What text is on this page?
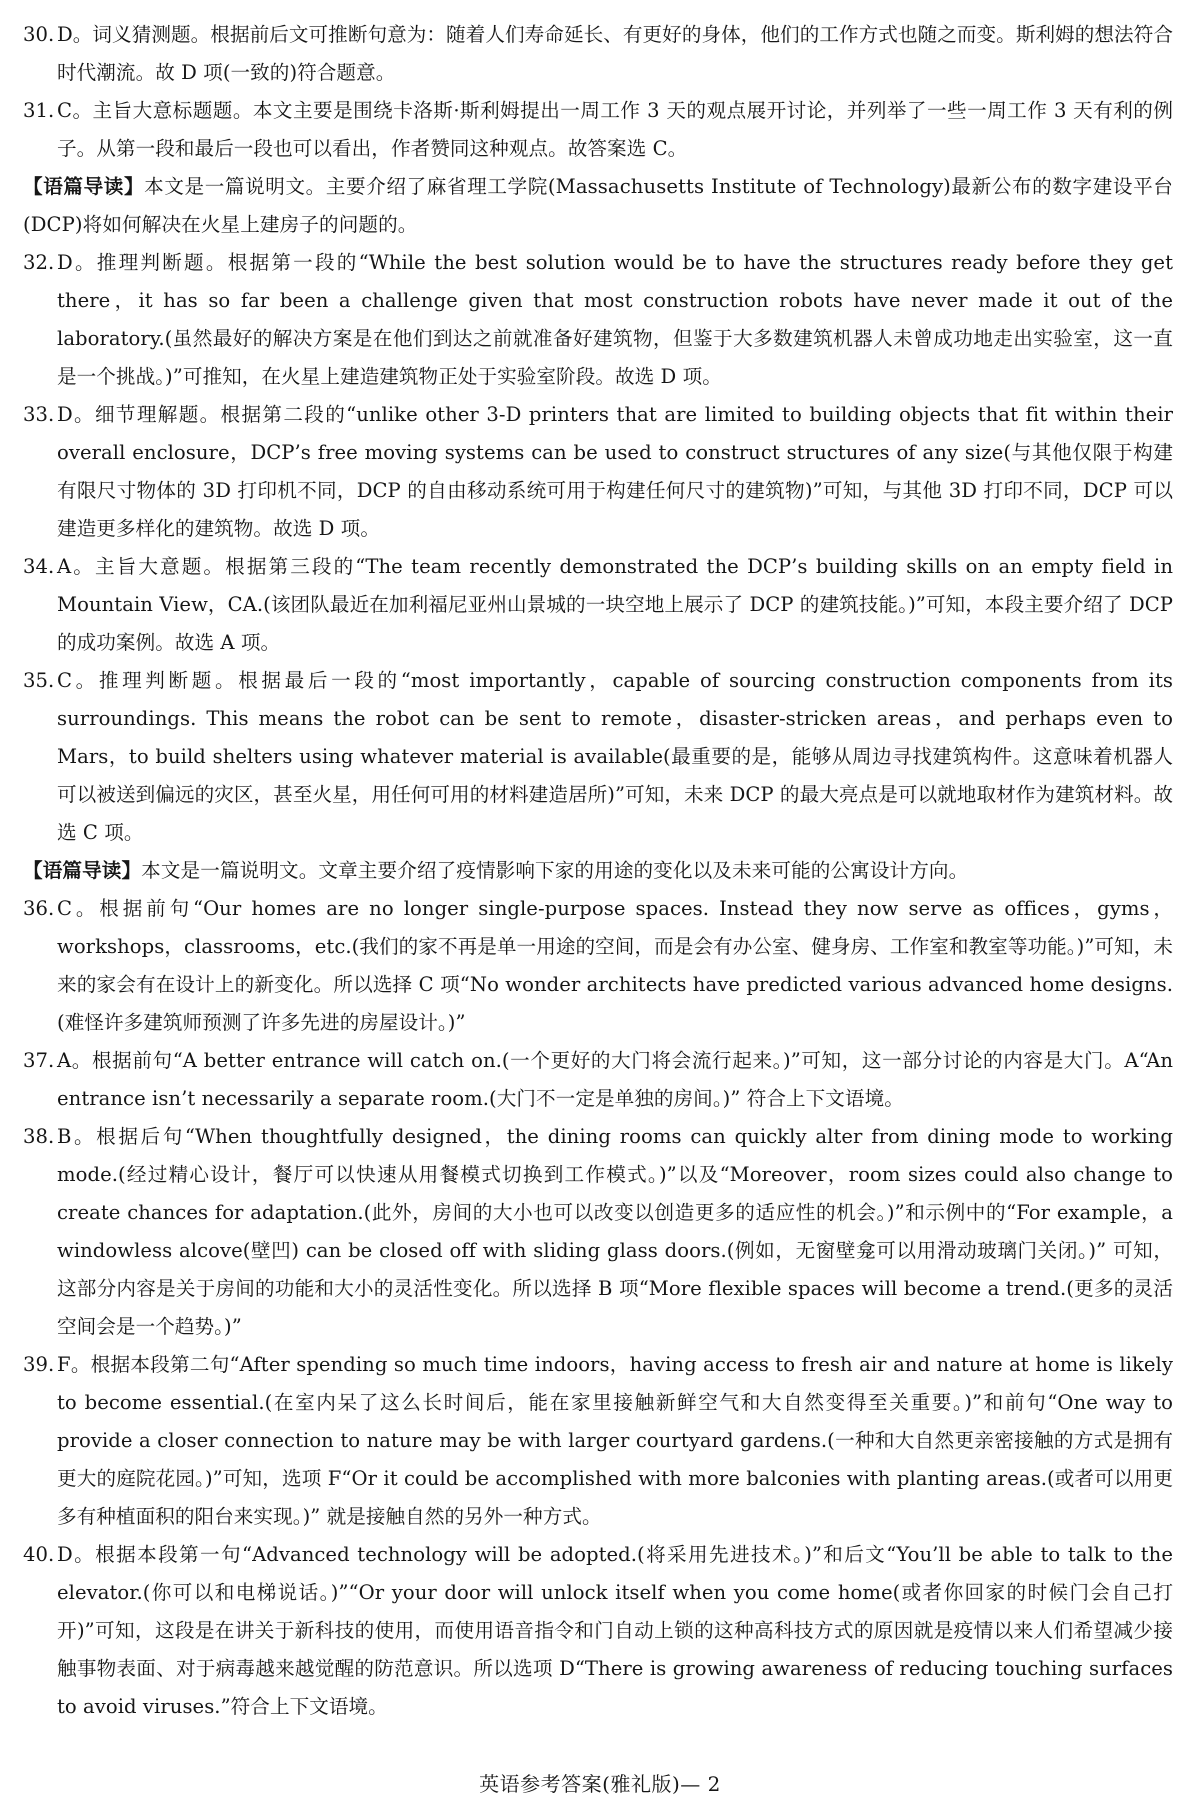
30. D。词义猜测题。根据前后文可推断句意为：随着人们寿命延长、有更好的身体，他们的工作方式也随之而变。斯利姆的想法符合时代潮流。故 D 项(一致的)符合题意。
31. C。主旨大意标题题。本文主要是围绕卡洛斯·斯利姆提出一周工作 3 天的观点展开讨论，并列举了一些一周工作 3 天有利的例子。从第一段和最后一段也可以看出，作者赞同这种观点。故答案选 C。
【语篇导读】本文是一篇说明文。主要介绍了麻省理工学院(Massachusetts Institute of Technology)最新公布的数字建设平台(DCP)将如何解决在火星上建房子的问题的。
32. D。推理判断题。根据第一段的“While the best solution would be to have the structures ready before they get there，it has so far been a challenge given that most construction robots have never made it out of the laboratory.(虽然最好的解决方案是在他们到达之前就准备好建筑物，但鉴于大多数建筑机器人未曾成功地走出实验室，这一直是一个挑战。)”可推知，在火星上建造建筑物正处于实验室阶段。故选 D 项。
33. D。细节理解题。根据第二段的“unlike other 3-D printers that are limited to building objects that fit within their overall enclosure，DCP’s free moving systems can be used to construct structures of any size(与其他仅限于构建有限尺寸物体的 3D 打印机不同，DCP 的自由移动系统可用于构建任何尺寸的建筑物)”可知，与其他 3D 打印不同，DCP 可以建造更多样化的建筑物。故选 D 项。
34. A。主旨大意题。根据第三段的“The team recently demonstrated the DCP’s building skills on an empty field in Mountain View，CA.(该团队最近在加利福尼亚州山景城的一块空地上展示了 DCP 的建筑技能。)”可知，本段主要介绍了 DCP 的成功案例。故选 A 项。
35. C。推理判断题。根据最后一段的“most importantly，capable of sourcing construction components from its surroundings. This means the robot can be sent to remote，disaster-stricken areas，and perhaps even to Mars，to build shelters using whatever material is available(最重要的是，能够从周边寻找建筑构件。这意味着机器人可以被送到偏远的灾区，甚至火星，用任何可用的材料建造居所)”可知，未来 DCP 的最大亮点是可以就地取材作为建筑材料。故选 C 项。
【语篇导读】本文是一篇说明文。文章主要介绍了疫情影响下家的用途的变化以及未来可能的公寓设计方向。
36. C。根据前句“Our homes are no longer single-purpose spaces. Instead they now serve as offices，gyms，workshops，classrooms，etc.(我们的家不再是单一用途的空间，而是会有办公室、健身房、工作室和教室等功能。)”可知，未来的家会有在设计上的新变化。所以选择 C 项“No wonder architects have predicted various advanced home designs.(难怪许多建筑师预测了许多先进的房屋设计。)”
37. A。根据前句“A better entrance will catch on.(一个更好的大门将会流行起来。)”可知，这一部分讨论的内容是大门。A“An entrance isn’t necessarily a separate room.(大门不一定是单独的房间。)” 符合上下文语境。
38. B。根据后句“When thoughtfully designed，the dining rooms can quickly alter from dining mode to working mode.(经过精心设计，餐厅可以快速从用餐模式切换到工作模式。)”以及“Moreover，room sizes could also change to create chances for adaptation.(此外，房间的大小也可以改变以创造更多的适应性的机会。)”和示例中的“For example，a windowless alcove(壁凹) can be closed off with sliding glass doors.(例如，无窗壁龛可以用滑动玻璃门关闭。)” 可知，这部分内容是关于房间的功能和大小的灵活性变化。所以选择 B 项“More flexible spaces will become a trend.(更多的灵活空间会是一个趋势。)”
39. F。根据本段第二句“After spending so much time indoors，having access to fresh air and nature at home is likely to become essential.(在室内呆了这么长时间后，能在家里接触新鲜空气和大自然变得至关重要。)”和前句“One way to provide a closer connection to nature may be with larger courtyard gardens.(一种和大自然更亲密接触的方式是拥有更大的庭院花园。)”可知，选项 F“Or it could be accomplished with more balconies with planting areas.(或者可以用更多有种植面积的阳台来实现。)” 就是接触自然的另外一种方式。
40. D。根据本段第一句“Advanced technology will be adopted.(将采用先进技术。)”和后文“You’ll be able to talk to the elevator.(你可以和电梯说话。)”“Or your door will unlock itself when you come home(或者你回家的时候门会自己打开)”可知，这段是在讲关于新科技的使用，而使用语音指令和门自动上锁的这种高科技方式的原因就是疫情以来人们希望减少接触事物表面、对于病毒越来越觉醒的防范意识。所以选项 D“There is growing awareness of reducing touching surfaces to avoid viruses.”符合上下文语境。
英语参考答案(雅礼版)— 2
